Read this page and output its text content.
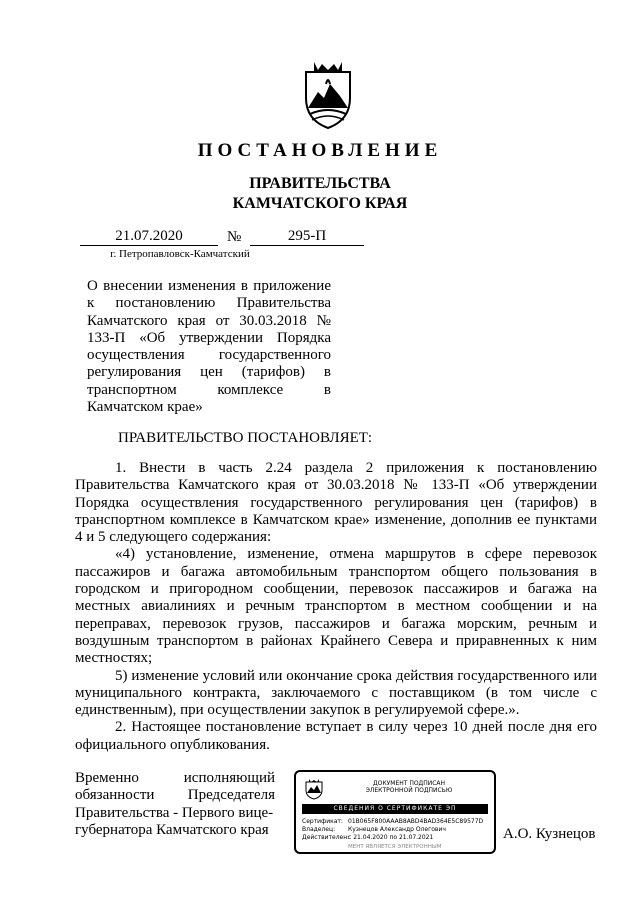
ПОСТАНОВЛЕНИЕ
ПРАВИТЕЛЬСТВА
КАМЧАТСКОГО КРАЯ
21.07.2020	№	295-П
г. Петропавловск-Камчатский
О внесении изменения в приложение к постановлению Правительства Камчатского края от 30.03.2018 № 133-П «Об утверждении Порядка осуществления государственного регулирования цен (тарифов) в транспортном комплексе в Камчатском крае»
ПРАВИТЕЛЬСТВО ПОСТАНОВЛЯЕТ:

1. Внести в часть 2.24 раздела 2 приложения к постановлению Правительства Камчатского края от 30.03.2018 № 133-П «Об утверждении Порядка осуществления государственного регулирования цен (тарифов) в транспортном комплексе в Камчатском крае» изменение, дополнив ее пунктами 4 и 5 следующего содержания:

«4) установление, изменение, отмена маршрутов в сфере перевозок пассажиров и багажа автомобильным транспортом общего пользования в городском и пригородном сообщении, перевозок пассажиров и багажа на местных авиалиниях и речным транспортом в местном сообщении и на переправах, перевозок грузов, пассажиров и багажа морским, речным и воздушным транспортом в районах Крайнего Севера и приравненных к ним местностях;

5) изменение условий или окончание срока действия государственного или муниципального контракта, заключаемого с поставщиком (в том числе с единственным), при осуществлении закупок в регулируемой сфере.».

2. Настоящее постановление вступает в силу через 10 дней после дня его официального опубликования.

Временно исполняющий

обязанности Председателя

Правительства - Первого вице-

губернатора Камчатского края

ДОКУМЕНТ ПОДПИСАН
ЭЛЕКТРОННОЙ ПОДПИСЬЮ
СВЕДЕНИЯ О СЕРТИФИКАТЕ ЭП
Сертификат: 01B065F800AAAB8ABD4BAD364E5C89577D
Владелец: Кузнецов Александр Олегович
Действителен:с 21.04.2020 по 21.07.2021
МЕНТ ЯВЛЯЕТСЯ ЭЛЕКТРОННЫМ
А.О. Кузнецов
